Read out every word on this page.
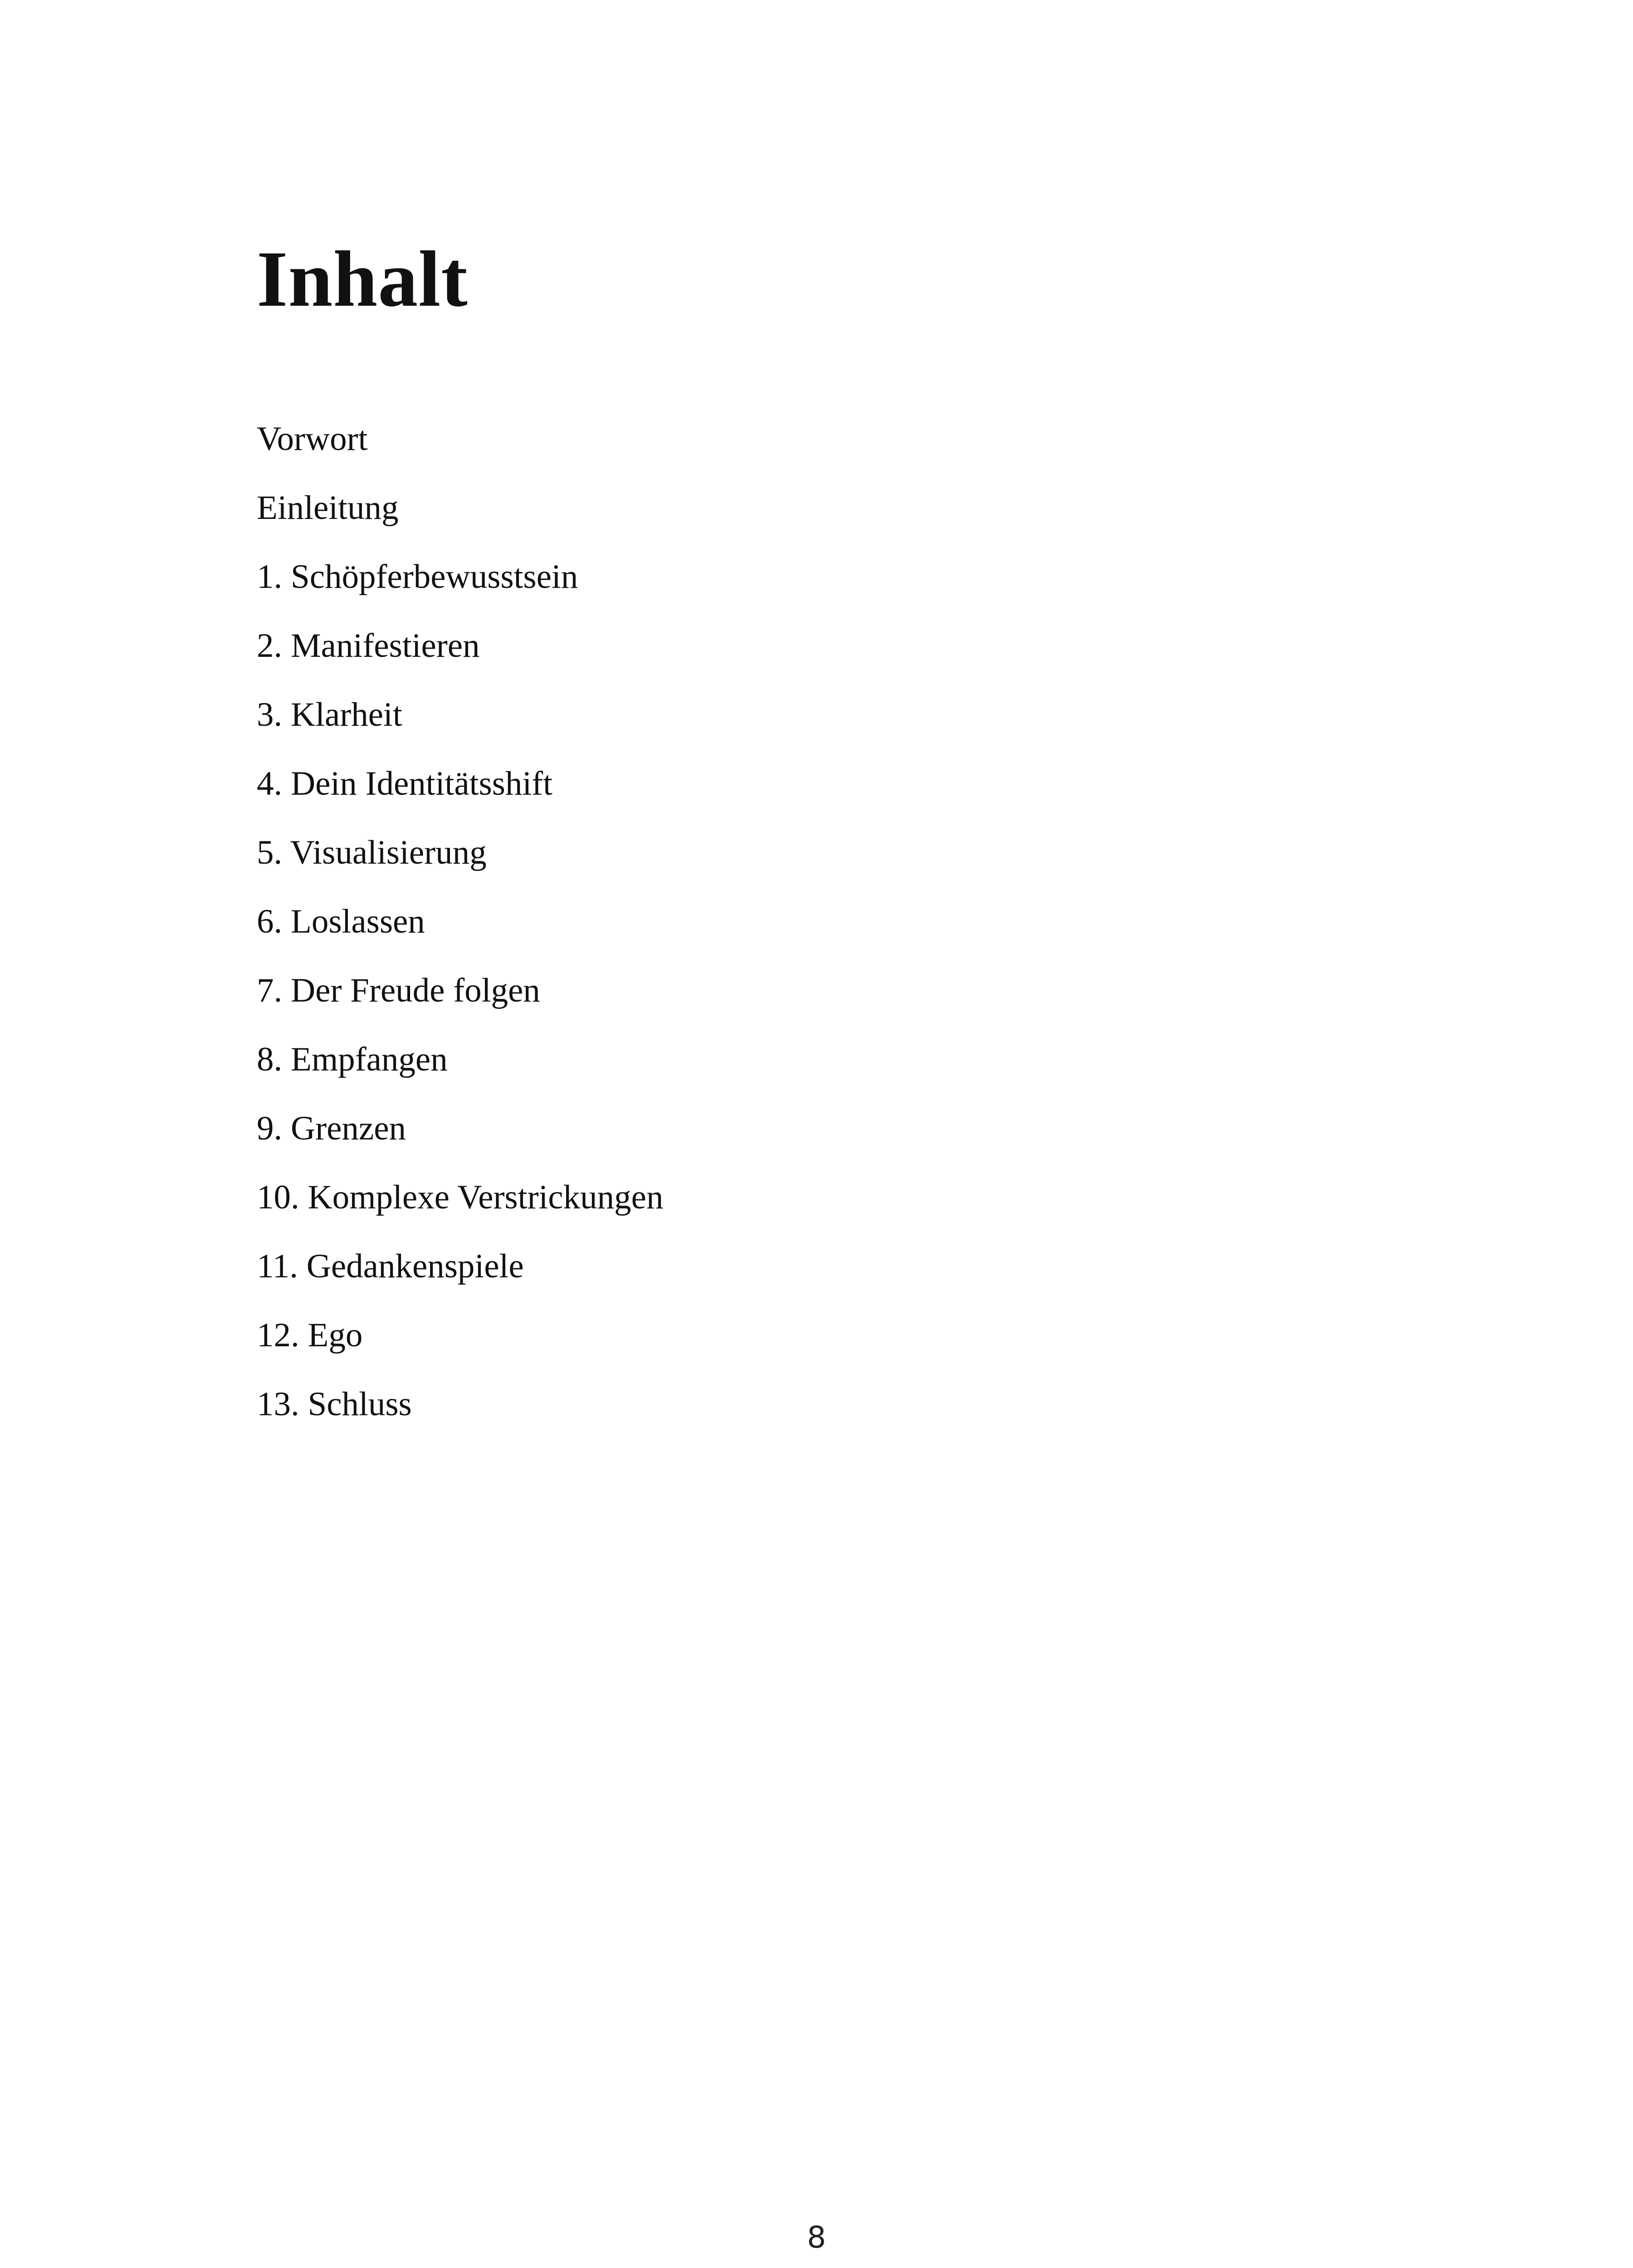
Inhalt
Vorwort
Einleitung
1. Schöpferbewusstsein
2. Manifestieren
3. Klarheit
4. Dein Identitätsshift
5. Visualisierung
6. Loslassen
7. Der Freude folgen
8. Empfangen
9. Grenzen
10. Komplexe Verstrickungen
11. Gedankenspiele
12. Ego
13. Schluss

8
